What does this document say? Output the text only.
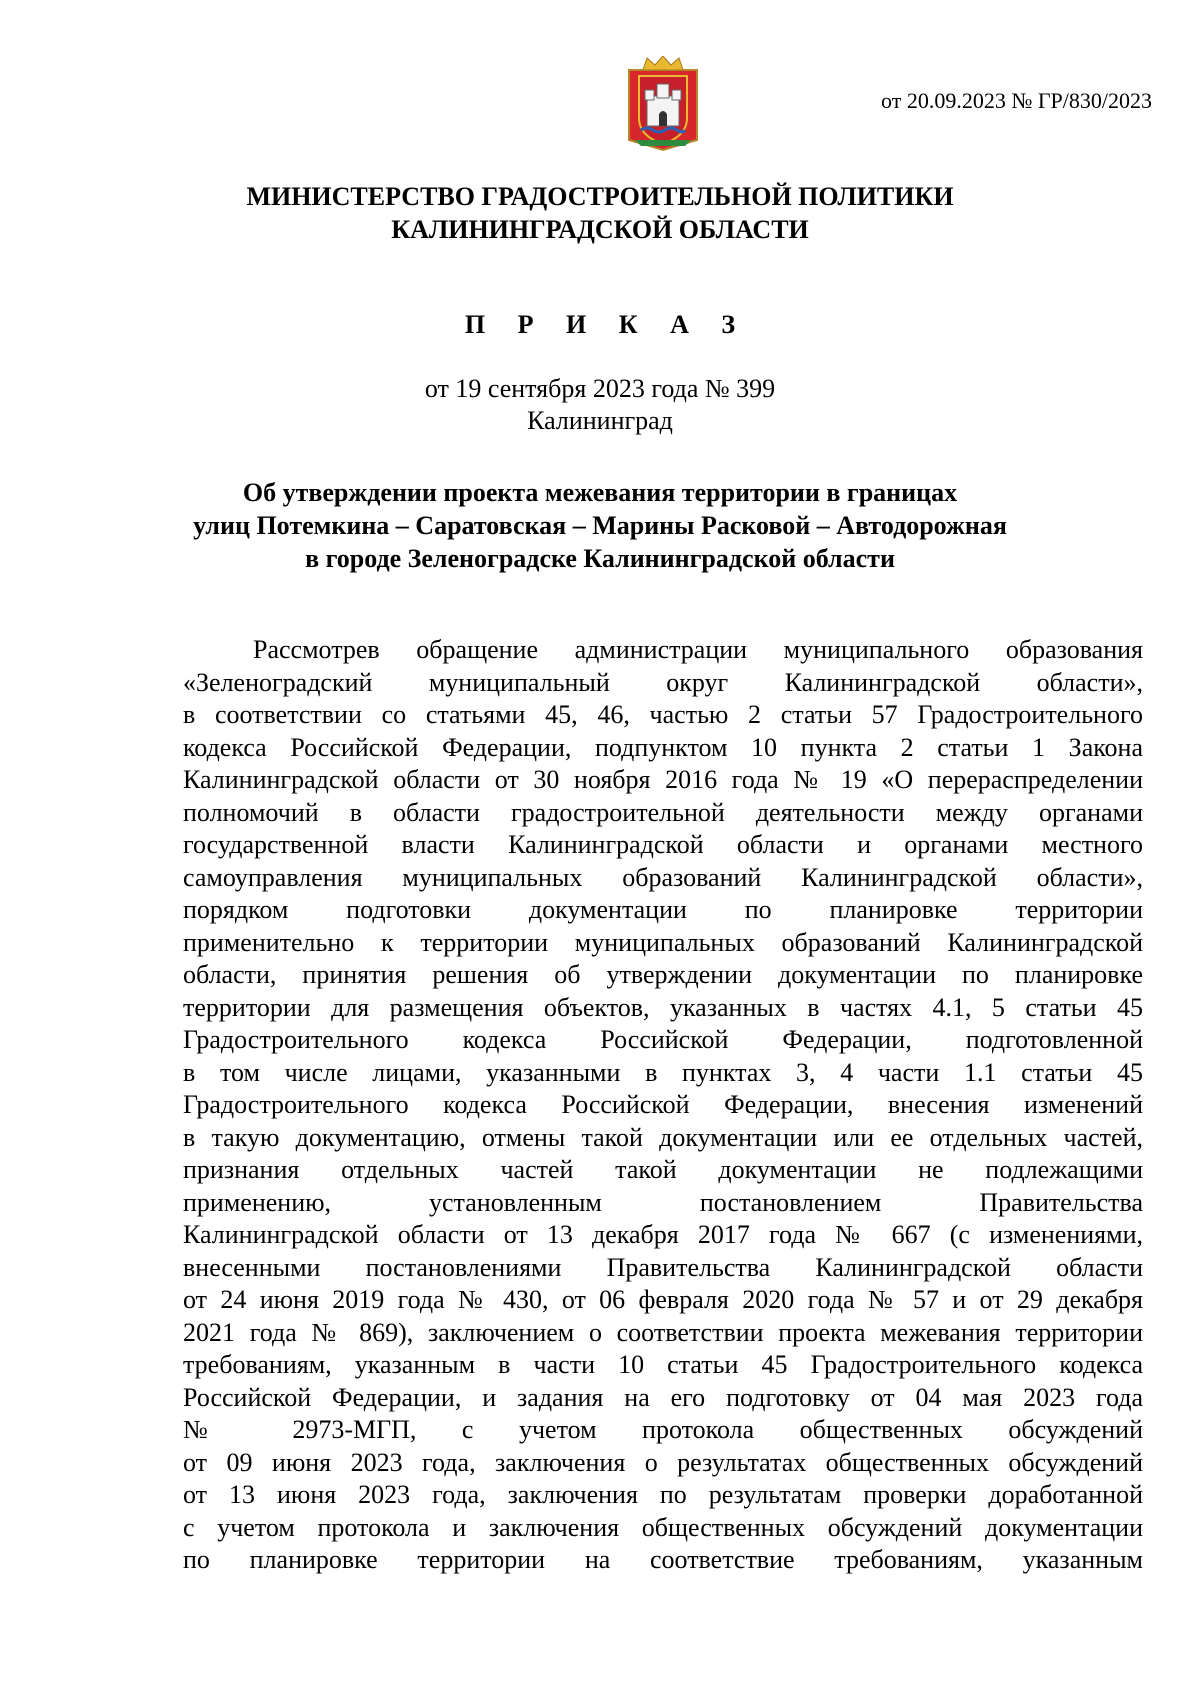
от 20.09.2023 № ГР/830/2023
МИНИСТЕРСТВО ГРАДОСТРОИТЕЛЬНОЙ ПОЛИТИКИ
КАЛИНИНГРАДСКОЙ ОБЛАСТИ
П Р И К А З
от 19 сентября 2023 года № 399
Калининград
Об утверждении проекта межевания территории в границах
улиц Потемкина – Саратовская – Марины Расковой – Автодорожная
в городе Зеленоградске Калининградской области
Рассмотрев обращение администрации муниципального образования
«Зеленоградский муниципальный округ Калининградской области»,
в соответствии со статьями 45, 46, частью 2 статьи 57 Градостроительного
кодекса Российской Федерации, подпунктом 10 пункта 2 статьи 1 Закона
Калининградской области от 30 ноября 2016 года № 19 «О перераспределении
полномочий в области градостроительной деятельности между органами
государственной власти Калининградской области и органами местного
самоуправления муниципальных образований Калининградской области»,
порядком подготовки документации по планировке территории
применительно к территории муниципальных образований Калининградской
области, принятия решения об утверждении документации по планировке
территории для размещения объектов, указанных в частях 4.1, 5 статьи 45
Градостроительного кодекса Российской Федерации, подготовленной
в том числе лицами, указанными в пунктах 3, 4 части 1.1 статьи 45
Градостроительного кодекса Российской Федерации, внесения изменений
в такую документацию, отмены такой документации или ее отдельных частей,
признания отдельных частей такой документации не подлежащими
применению, установленным постановлением Правительства
Калининградской области от 13 декабря 2017 года № 667 (с изменениями,
внесенными постановлениями Правительства Калининградской области
от 24 июня 2019 года № 430, от 06 февраля 2020 года № 57 и от 29 декабря
2021 года № 869), заключением о соответствии проекта межевания территории
требованиям, указанным в части 10 статьи 45 Градостроительного кодекса
Российской Федерации, и задания на его подготовку от 04 мая 2023 года
№ 2973-МГП, с учетом протокола общественных обсуждений
от 09 июня 2023 года, заключения о результатах общественных обсуждений
от 13 июня 2023 года, заключения по результатам проверки доработанной
с учетом протокола и заключения общественных обсуждений документации
по планировке территории на соответствие требованиям, указанным
